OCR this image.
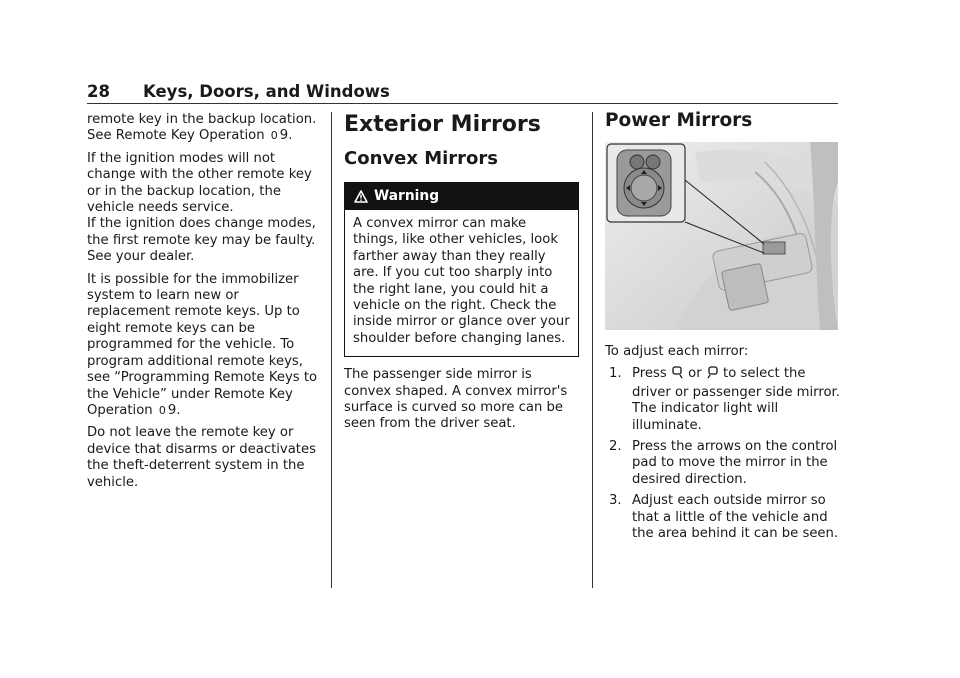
28 Keys, Doors, and Windows

remote key in the backup location. See Remote Key Operation 0 9.

If the ignition modes will not change with the other remote key or in the backup location, the vehicle needs service.

If the ignition does change modes, the first remote key may be faulty. See your dealer.

It is possible for the immobilizer system to learn new or replacement remote keys. Up to eight remote keys can be programmed for the vehicle. To program additional remote keys, see “Programming Remote Keys to the Vehicle” under Remote Key Operation 0 9.

Do not leave the remote key or device that disarms or deactivates the theft-deterrent system in the vehicle.

Exterior Mirrors
Convex Mirrors
Warning
A convex mirror can make things, like other vehicles, look farther away than they really are. If you cut too sharply into the right lane, you could hit a vehicle on the right. Check the inside mirror or glance over your shoulder before changing lanes.

The passenger side mirror is convex shaped. A convex mirror's surface is curved so more can be seen from the driver seat.

Power Mirrors

To adjust each mirror:

1. Press or to select the driver or passenger side mirror. The indicator light will illuminate.
2. Press the arrows on the control pad to move the mirror in the desired direction.
3. Adjust each outside mirror so that a little of the vehicle and the area behind it can be seen.
